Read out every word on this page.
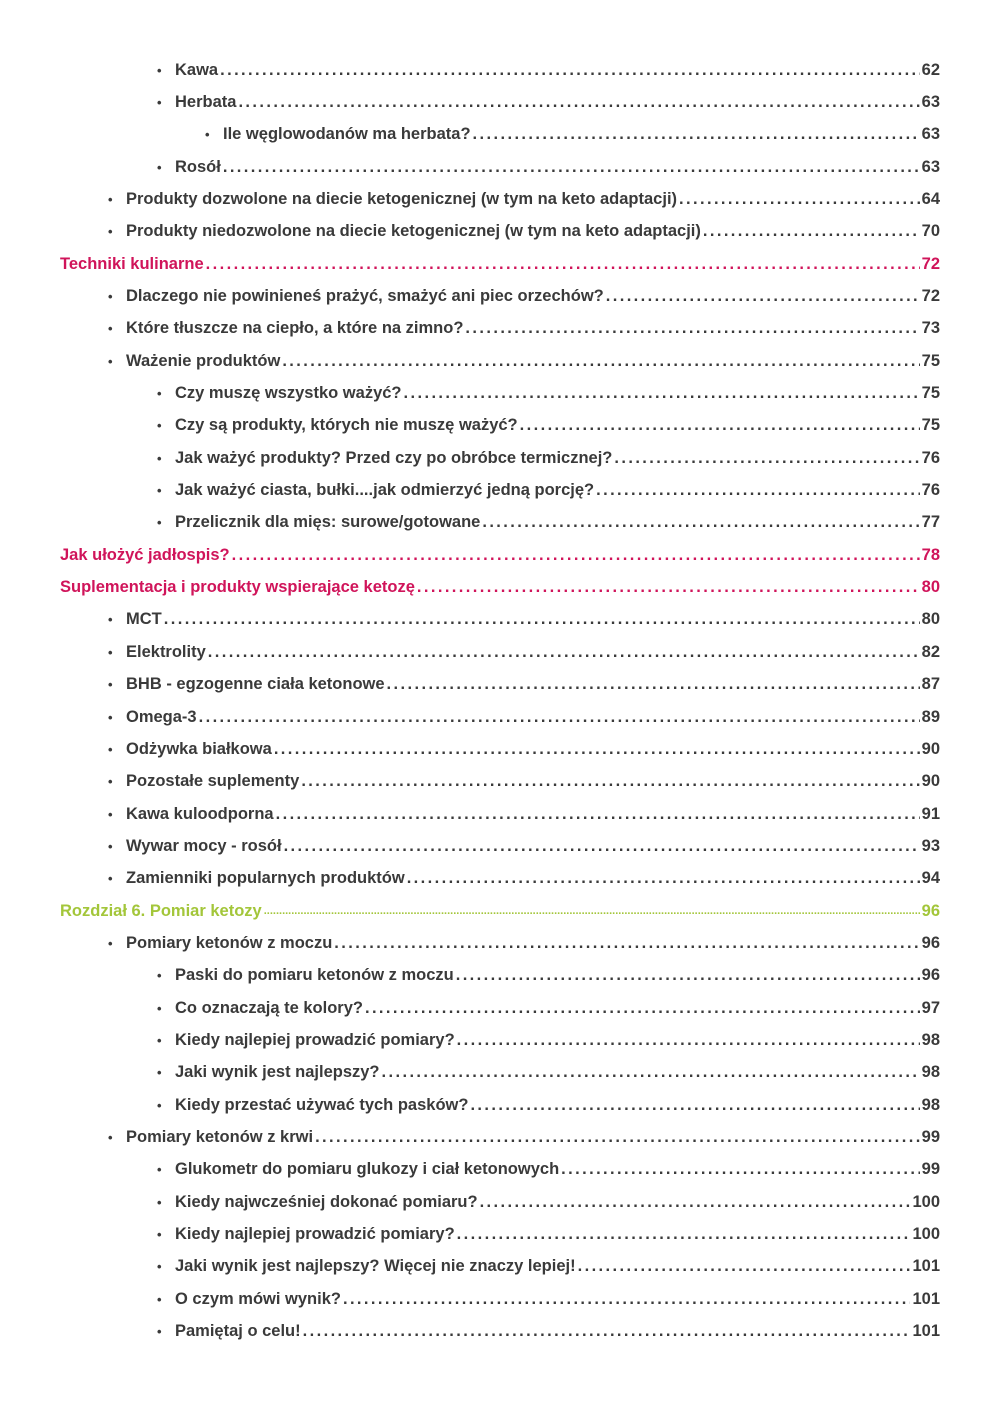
• Kawa .....	62
• Herbata .....	63
• Ile węglowodanów ma herbata? .....	63
• Rosół .....	63
• Produkty dozwolone na diecie ketogenicznej (w tym na keto adaptacji) .....	64
• Produkty niedozwolone na diecie ketogenicznej (w tym na keto adaptacji) .....	70
Techniki kulinarne .....	72
• Dlaczego nie powinieneś prażyć, smażyć ani piec orzechów? .....	72
• Które tłuszcze na ciepło, a które na zimno? .....	73
• Ważenie produktów .....	75
• Czy muszę wszystko ważyć? .....	75
• Czy są produkty, których nie muszę ważyć? .....	75
• Jak ważyć produkty? Przed czy po obróbce termicznej? .....	76
• Jak ważyć ciasta, bułki....jak odmierzyć jedną porcję? .....	76
• Przelicznik dla mięs: surowe/gotowane .....	77
Jak ułożyć jadłospis? .....	78
Suplementacja i produkty wspierające ketozę .....	80
• MCT .....	80
• Elektrolity .....	82
• BHB - egzogenne ciała ketonowe .....	87
• Omega-3 .....	89
• Odżywka białkowa .....	90
• Pozostałe suplementy .....	90
• Kawa kuloodporna .....	91
• Wywar mocy - rosół .....	93
• Zamienniki popularnych produktów .....	94
Rozdział 6. Pomiar ketozy .....	96
• Pomiary ketonów z moczu .....	96
• Paski do pomiaru ketonów z moczu .....	96
• Co oznaczają te kolory? .....	97
• Kiedy najlepiej prowadzić pomiary? .....	98
• Jaki wynik jest najlepszy? .....	98
• Kiedy przestać używać tych pasków? .....	98
• Pomiary ketonów z krwi .....	99
• Glukometr do pomiaru glukozy i ciał ketonowych .....	99
• Kiedy najwcześniej dokonać pomiaru? .....	100
• Kiedy najlepiej prowadzić pomiary? .....	100
• Jaki wynik jest najlepszy? Więcej nie znaczy lepiej! .....	101
• O czym mówi wynik? .....	101
• Pamiętaj o celu! .....	101
